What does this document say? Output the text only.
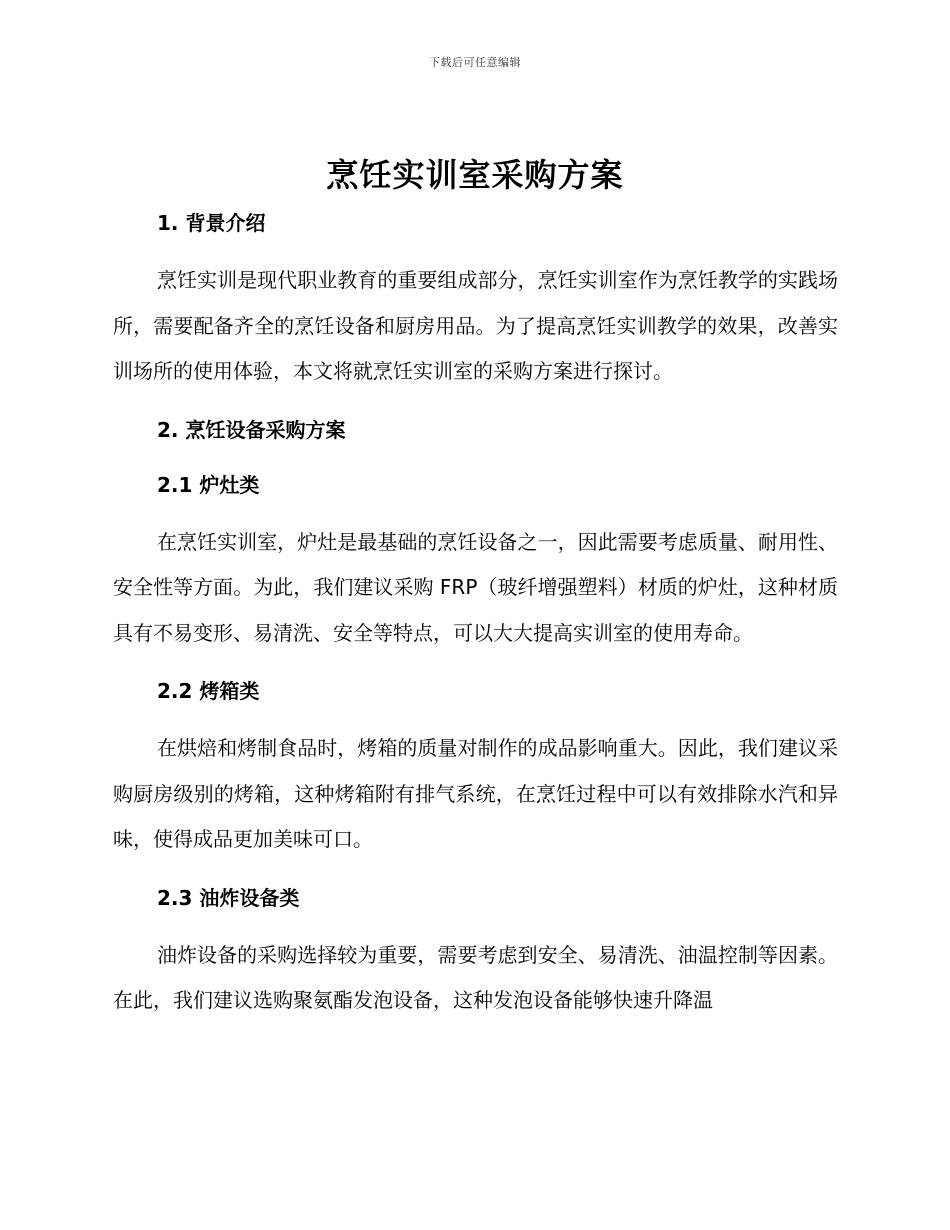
下载后可任意编辑
烹饪实训室采购方案
1. 背景介绍

烹饪实训是现代职业教育的重要组成部分，烹饪实训室作为烹饪教学的实践场所，需要配备齐全的烹饪设备和厨房用品。为了提高烹饪实训教学的效果，改善实训场所的使用体验，本文将就烹饪实训室的采购方案进行探讨。

2. 烹饪设备采购方案
2.1 炉灶类

在烹饪实训室，炉灶是最基础的烹饪设备之一，因此需要考虑质量、耐用性、安全性等方面。为此，我们建议采购 FRP（玻纤增强塑料）材质的炉灶，这种材质具有不易变形、易清洗、安全等特点，可以大大提高实训室的使用寿命。

2.2 烤箱类

在烘焙和烤制食品时，烤箱的质量对制作的成品影响重大。因此，我们建议采购厨房级别的烤箱，这种烤箱附有排气系统，在烹饪过程中可以有效排除水汽和异味，使得成品更加美味可口。

2.3 油炸设备类

油炸设备的采购选择较为重要，需要考虑到安全、易清洗、油温控制等因素。在此，我们建议选购聚氨酯发泡设备，这种发泡设备能够快速升降温
